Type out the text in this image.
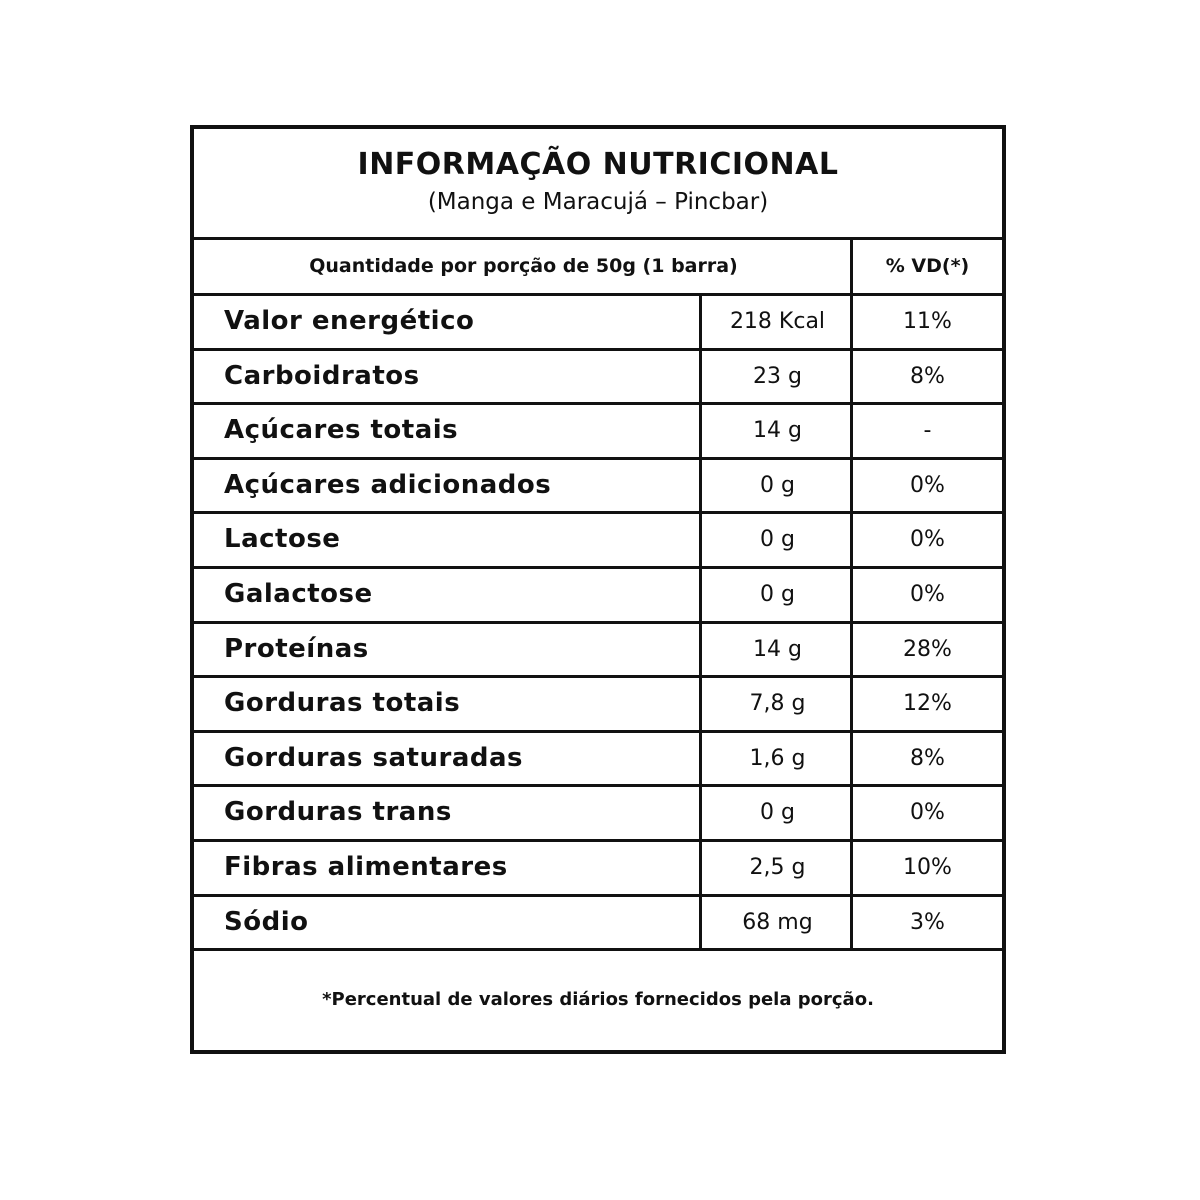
INFORMAÇÃO NUTRICIONAL
(Manga e Maracujá – Pincbar)
Quantidade por porção de 50g (1 barra)	% VD(*)
Valor energético	218 Kcal	11%
Carboidratos	23 g	8%
Açúcares totais	14 g	-
Açúcares adicionados	0 g	0%
Lactose	0 g	0%
Galactose	0 g	0%
Proteínas	14 g	28%
Gorduras totais	7,8 g	12%
Gorduras saturadas	1,6 g	8%
Gorduras trans	0 g	0%
Fibras alimentares	2,5 g	10%
Sódio	68 mg	3%
*Percentual de valores diários fornecidos pela porção.
